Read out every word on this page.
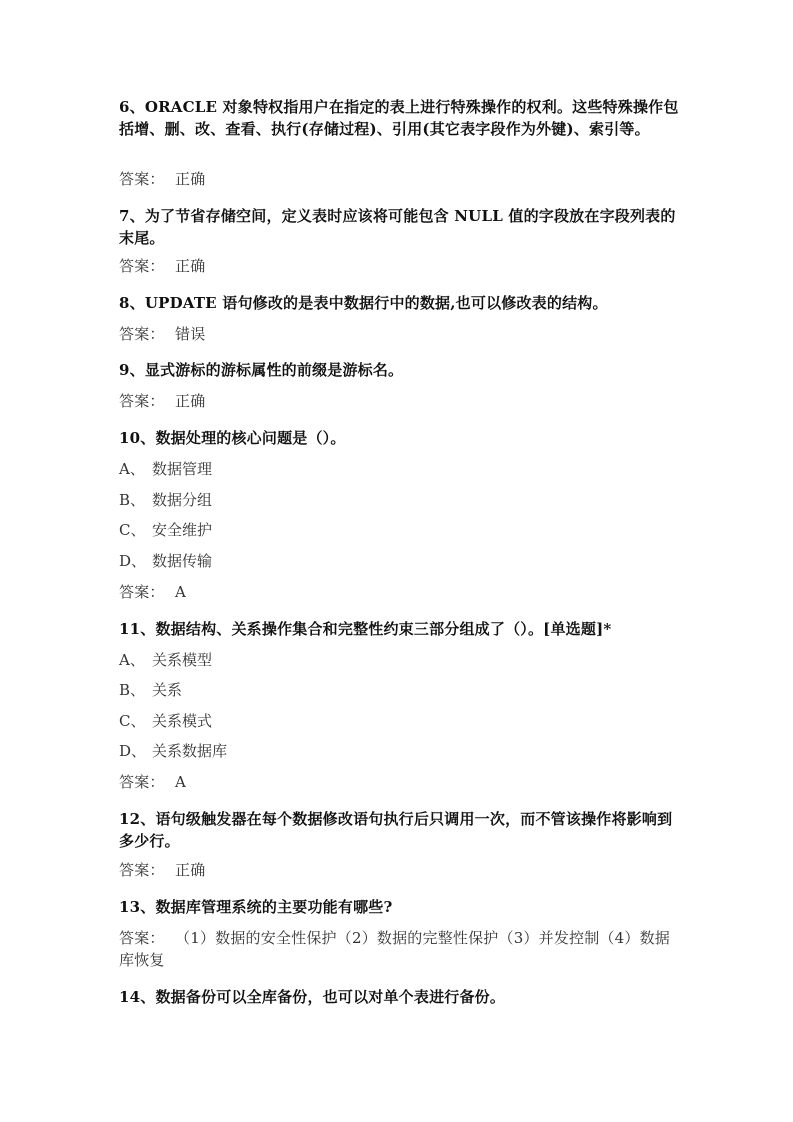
6、ORACLE 对象特权指用户在指定的表上进行特殊操作的权利。这些特殊操作包括增、删、改、查看、执行(存储过程)、引用(其它表字段作为外键)、索引等。
答案： 正确
7、为了节省存储空间，定义表时应该将可能包含 NULL 值的字段放在字段列表的末尾。
答案： 正确
8、UPDATE 语句修改的是表中数据行中的数据,也可以修改表的结构。
答案： 错误
9、显式游标的游标属性的前缀是游标名。
答案： 正确
10、数据处理的核心问题是（）。
A、 数据管理
B、 数据分组
C、 安全维护
D、 数据传输
答案： A
11、数据结构、关系操作集合和完整性约束三部分组成了（）。[单选题]*
A、 关系模型
B、 关系
C、 关系模式
D、 关系数据库
答案： A
12、语句级触发器在每个数据修改语句执行后只调用一次，而不管该操作将影响到多少行。
答案： 正确
13、数据库管理系统的主要功能有哪些?
答案： （1）数据的安全性保护（2）数据的完整性保护（3）并发控制（4）数据库恢复
14、数据备份可以全库备份，也可以对单个表进行备份。
